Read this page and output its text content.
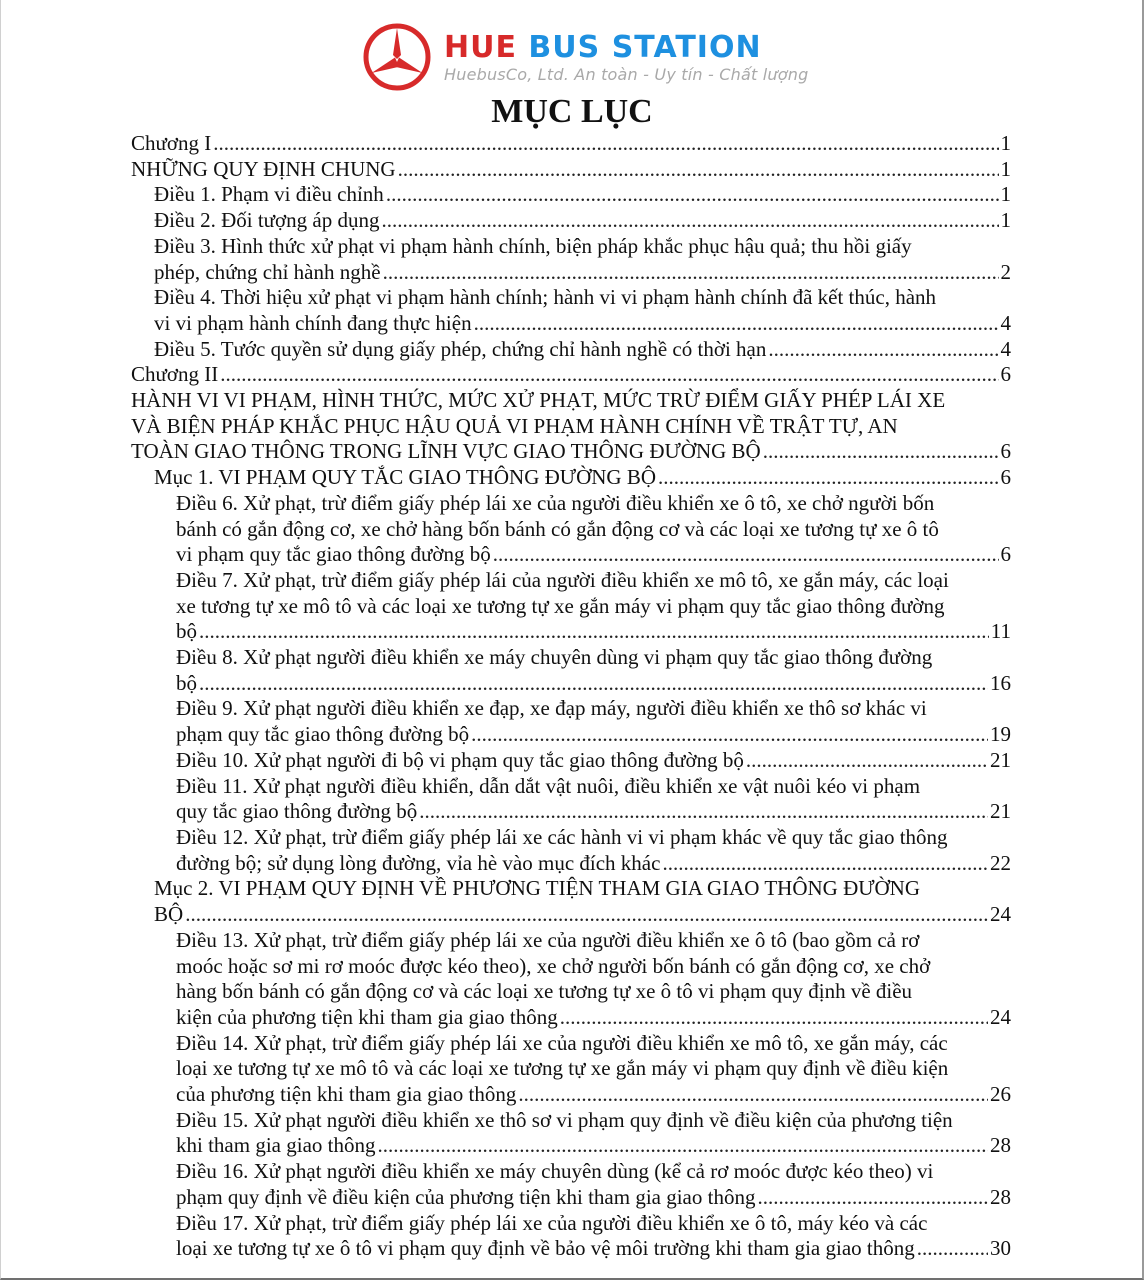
HUE BUS STATION
HuebusCo, Ltd. An toàn - Uy tín - Chất lượng
MỤC LỤC
Chương I .....	1
NHỮNG QUY ĐỊNH CHUNG .....	1
Điều 1. Phạm vi điều chỉnh .....	1
Điều 2. Đối tượng áp dụng .....	1
Điều 3. Hình thức xử phạt vi phạm hành chính, biện pháp khắc phục hậu quả; thu hồi giấy
phép, chứng chỉ hành nghề .....	2
Điều 4. Thời hiệu xử phạt vi phạm hành chính; hành vi vi phạm hành chính đã kết thúc, hành
vi vi phạm hành chính đang thực hiện .....	4
Điều 5. Tước quyền sử dụng giấy phép, chứng chỉ hành nghề có thời hạn .....	4
Chương II .....	6
HÀNH VI VI PHẠM, HÌNH THỨC, MỨC XỬ PHẠT, MỨC TRỪ ĐIỂM GIẤY PHÉP LÁI XE
VÀ BIỆN PHÁP KHẮC PHỤC HẬU QUẢ VI PHẠM HÀNH CHÍNH VỀ TRẬT TỰ, AN
TOÀN GIAO THÔNG TRONG LĨNH VỰC GIAO THÔNG ĐƯỜNG BỘ .....	6
Mục 1. VI PHẠM QUY TẮC GIAO THÔNG ĐƯỜNG BỘ .....	6
Điều 6. Xử phạt, trừ điểm giấy phép lái xe của người điều khiển xe ô tô, xe chở người bốn
bánh có gắn động cơ, xe chở hàng bốn bánh có gắn động cơ và các loại xe tương tự xe ô tô
vi phạm quy tắc giao thông đường bộ .....	6
Điều 7. Xử phạt, trừ điểm giấy phép lái của người điều khiển xe mô tô, xe gắn máy, các loại
xe tương tự xe mô tô và các loại xe tương tự xe gắn máy vi phạm quy tắc giao thông đường
bộ .....	11
Điều 8. Xử phạt người điều khiển xe máy chuyên dùng vi phạm quy tắc giao thông đường
bộ .....	16
Điều 9. Xử phạt người điều khiển xe đạp, xe đạp máy, người điều khiển xe thô sơ khác vi
phạm quy tắc giao thông đường bộ .....	19
Điều 10. Xử phạt người đi bộ vi phạm quy tắc giao thông đường bộ .....	21
Điều 11. Xử phạt người điều khiển, dẫn dắt vật nuôi, điều khiển xe vật nuôi kéo vi phạm
quy tắc giao thông đường bộ .....	21
Điều 12. Xử phạt, trừ điểm giấy phép lái xe các hành vi vi phạm khác về quy tắc giao thông
đường bộ; sử dụng lòng đường, vỉa hè vào mục đích khác .....	22
Mục 2. VI PHẠM QUY ĐỊNH VỀ PHƯƠNG TIỆN THAM GIA GIAO THÔNG ĐƯỜNG
BỘ .....	24
Điều 13. Xử phạt, trừ điểm giấy phép lái xe của người điều khiển xe ô tô (bao gồm cả rơ
moóc hoặc sơ mi rơ moóc được kéo theo), xe chở người bốn bánh có gắn động cơ, xe chở
hàng bốn bánh có gắn động cơ và các loại xe tương tự xe ô tô vi phạm quy định về điều
kiện của phương tiện khi tham gia giao thông .....	24
Điều 14. Xử phạt, trừ điểm giấy phép lái xe của người điều khiển xe mô tô, xe gắn máy, các
loại xe tương tự xe mô tô và các loại xe tương tự xe gắn máy vi phạm quy định về điều kiện
của phương tiện khi tham gia giao thông .....	26
Điều 15. Xử phạt người điều khiển xe thô sơ vi phạm quy định về điều kiện của phương tiện
khi tham gia giao thông .....	28
Điều 16. Xử phạt người điều khiển xe máy chuyên dùng (kể cả rơ moóc được kéo theo) vi
phạm quy định về điều kiện của phương tiện khi tham gia giao thông .....	28
Điều 17. Xử phạt, trừ điểm giấy phép lái xe của người điều khiển xe ô tô, máy kéo và các
loại xe tương tự xe ô tô vi phạm quy định về bảo vệ môi trường khi tham gia giao thông .....	30
